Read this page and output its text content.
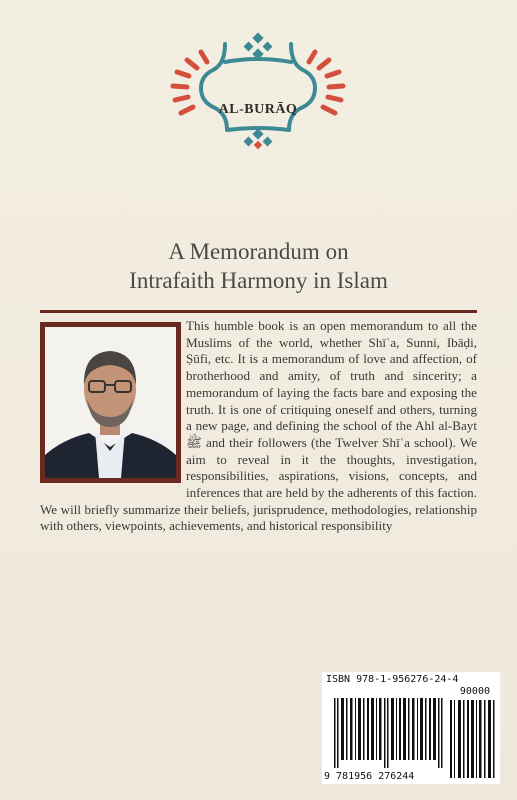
AL-BURĀQ
A Memorandum on
Intrafaith Harmony in Islam
This humble book is an open memorandum to all the Muslims of the world, whether Shīʿa, Sunni, Ibāḍi, Ṣūfi, etc. It is a memorandum of love and affection, of brotherhood and amity, of truth and sincerity; a memorandum of laying the facts bare and exposing the truth. It is one of critiquing oneself and others, turning a new page, and defining the school of the Ahl al-Bayt ﷺ and their followers (the Twelver Shīʿa school). We aim to reveal in it the thoughts, investigation, responsibilities, aspirations, visions, concepts, and inferences that are held by the adherents of this faction. We will briefly summarize their beliefs, jurisprudence, methodologies, relationship with others, viewpoints, achievements, and historical responsibility
ISBN 978-1-956276-24-4
90000
9 781956 276244
